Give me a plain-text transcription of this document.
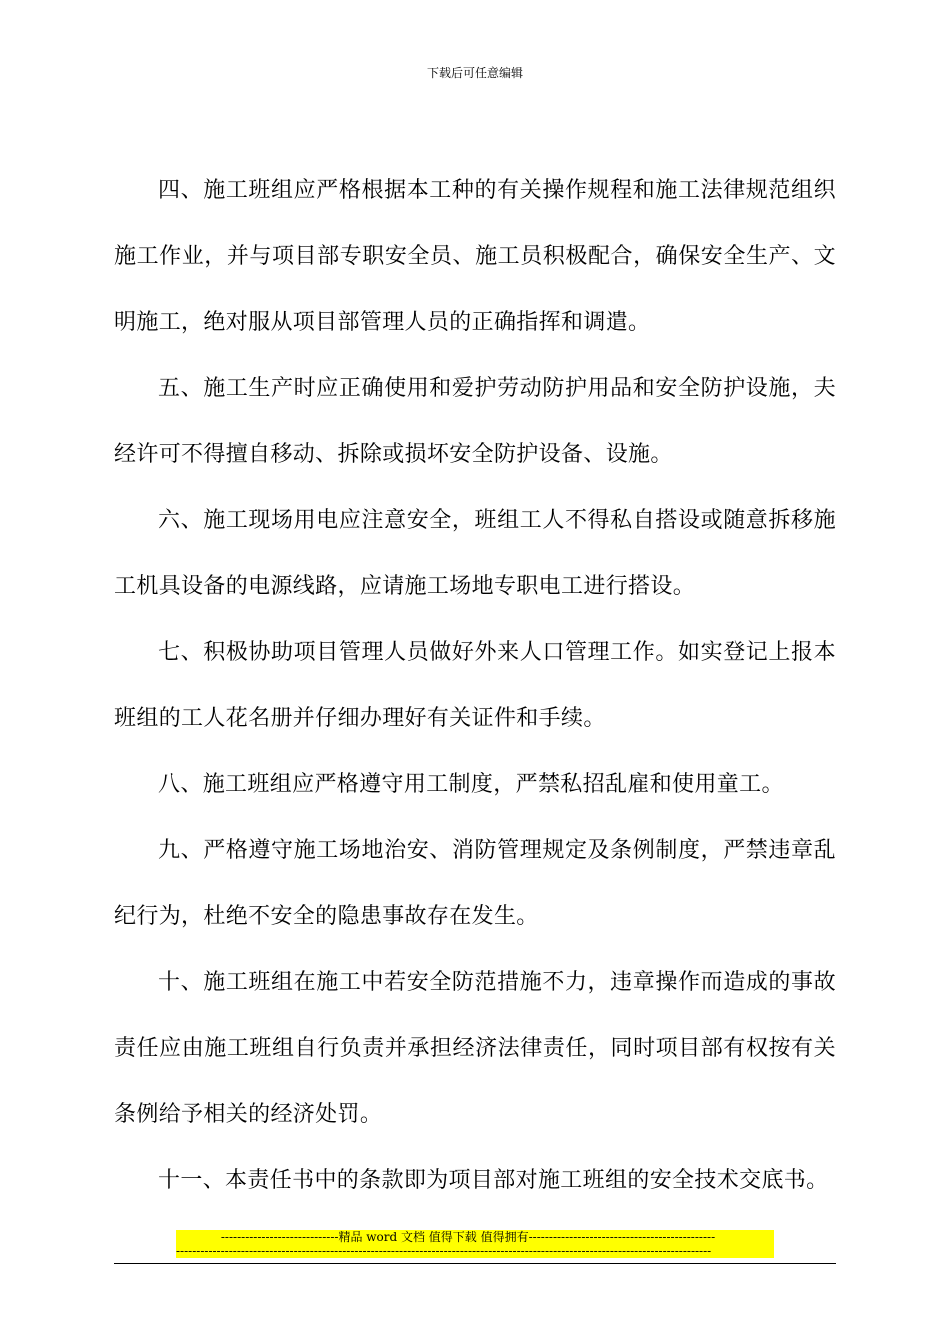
下载后可任意编辑

四、施工班组应严格根据本工种的有关操作规程和施工法律规范组织施工作业，并与项目部专职安全员、施工员积极配合，确保安全生产、文明施工，绝对服从项目部管理人员的正确指挥和调遣。

五、施工生产时应正确使用和爱护劳动防护用品和安全防护设施，夫经许可不得擅自移动、拆除或损坏安全防护设备、设施。

六、施工现场用电应注意安全，班组工人不得私自搭设或随意拆移施工机具设备的电源线路，应请施工场地专职电工进行搭设。

七、积极协助项目管理人员做好外来人口管理工作。如实登记上报本班组的工人花名册并仔细办理好有关证件和手续。

八、施工班组应严格遵守用工制度，严禁私招乱雇和使用童工。

九、严格遵守施工场地治安、消防管理规定及条例制度，严禁违章乱纪行为，杜绝不安全的隐患事故存在发生。

十、施工班组在施工中若安全防范措施不力，违章操作而造成的事故责任应由施工班组自行负责并承担经济法律责任，同时项目部有权按有关条例给予相关的经济处罚。

十一、本责任书中的条款即为项目部对施工班组的安全技术交底书。

-----------------------------精品 word 文档 值得下载 值得拥有----------------------------------------------
------------------------------------------------------------------------------------------------------------------------------------
